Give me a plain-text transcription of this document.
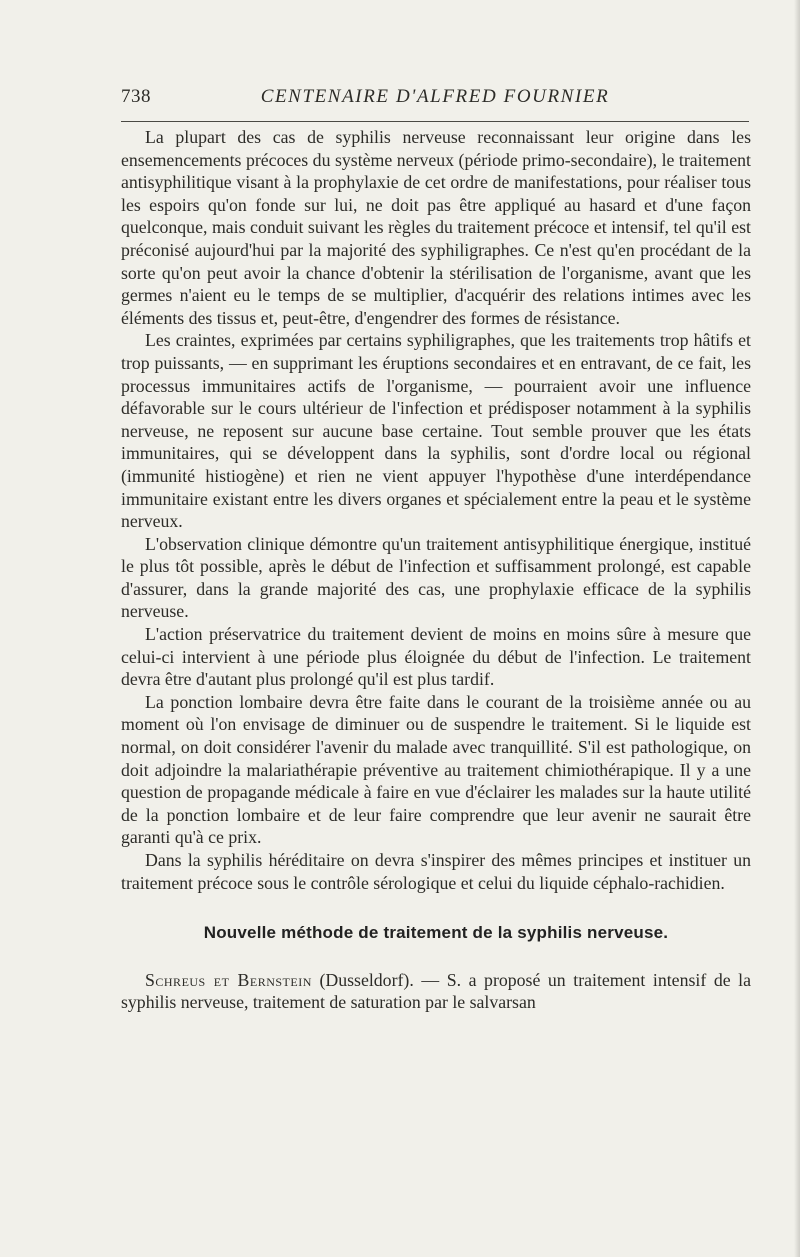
738	CENTENAIRE D'ALFRED FOURNIER

La plupart des cas de syphilis nerveuse reconnaissant leur origine dans les ensemencements précoces du système nerveux (période primo-secondaire), le traitement antisyphilitique visant à la prophylaxie de cet ordre de manifestations, pour réaliser tous les espoirs qu'on fonde sur lui, ne doit pas être appliqué au hasard et d'une façon quelconque, mais conduit suivant les règles du traitement précoce et intensif, tel qu'il est préconisé aujourd'hui par la majorité des syphiligraphes. Ce n'est qu'en procédant de la sorte qu'on peut avoir la chance d'obtenir la stérilisation de l'organisme, avant que les germes n'aient eu le temps de se multiplier, d'acquérir des relations intimes avec les éléments des tissus et, peut-être, d'engendrer des formes de résistance.

Les craintes, exprimées par certains syphiligraphes, que les traitements trop hâtifs et trop puissants, — en supprimant les éruptions secondaires et en entravant, de ce fait, les processus immunitaires actifs de l'organisme, — pourraient avoir une influence défavorable sur le cours ultérieur de l'infection et prédisposer notamment à la syphilis nerveuse, ne reposent sur aucune base certaine. Tout semble prouver que les états immunitaires, qui se développent dans la syphilis, sont d'ordre local ou régional (immunité histiogène) et rien ne vient appuyer l'hypothèse d'une interdépendance immunitaire existant entre les divers organes et spécialement entre la peau et le système nerveux.

L'observation clinique démontre qu'un traitement antisyphilitique énergique, institué le plus tôt possible, après le début de l'infection et suffisamment prolongé, est capable d'assurer, dans la grande majorité des cas, une prophylaxie efficace de la syphilis nerveuse.

L'action préservatrice du traitement devient de moins en moins sûre à mesure que celui-ci intervient à une période plus éloignée du début de l'infection. Le traitement devra être d'autant plus prolongé qu'il est plus tardif.

La ponction lombaire devra être faite dans le courant de la troisième année ou au moment où l'on envisage de diminuer ou de suspendre le traitement. Si le liquide est normal, on doit considérer l'avenir du malade avec tranquillité. S'il est pathologique, on doit adjoindre la malariathérapie préventive au traitement chimiothérapique. Il y a une question de propagande médicale à faire en vue d'éclairer les malades sur la haute utilité de la ponction lombaire et de leur faire comprendre que leur avenir ne saurait être garanti qu'à ce prix.

Dans la syphilis héréditaire on devra s'inspirer des mêmes principes et instituer un traitement précoce sous le contrôle sérologique et celui du liquide céphalo-rachidien.

Nouvelle méthode de traitement de la syphilis nerveuse.

Schreus et Bernstein (Dusseldorf). — S. a proposé un traitement intensif de la syphilis nerveuse, traitement de saturation par le salvarsan
